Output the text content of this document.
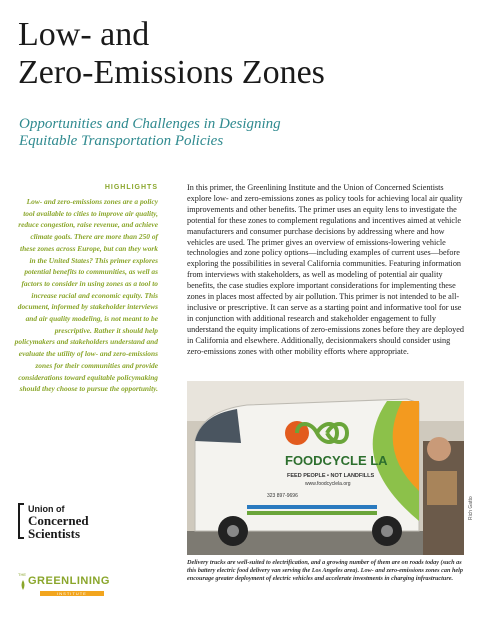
Low- and
Zero-Emissions Zones
Opportunities and Challenges in Designing
Equitable Transportation Policies
HIGHLIGHTS

Low- and zero-emissions zones are a policy tool available to cities to improve air quality, reduce congestion, raise revenue, and achieve climate goals. There are more than 250 of these zones across Europe, but can they work in the United States? This primer explores potential benefits to communities, as well as factors to consider in using zones as a tool to increase racial and economic equity. This document, informed by stakeholder interviews and air quality modeling, is not meant to be prescriptive. Rather it should help policymakers and stakeholders understand and evaluate the utility of low- and zero-emissions zones for their communities and provide considerations toward equitable policymaking should they choose to pursue the opportunity.

In this primer, the Greenlining Institute and the Union of Concerned Scientists explore low- and zero-emissions zones as policy tools for achieving local air quality improvements and other benefits. The primer uses an equity lens to investigate the potential for these zones to complement regulations and incentives aimed at vehicle manufacturers and consumer purchase decisions by addressing where and how vehicles are used. The primer gives an overview of emissions-lowering vehicle technologies and zone policy options—including examples of current uses—before exploring the possibilities in several California communities. Featuring information from interviews with stakeholders, as well as modeling of potential air quality benefits, the case studies explore important considerations for implementing these zones in places most affected by air pollution. This primer is not intended to be all-inclusive or prescriptive. It can serve as a starting point and informative tool for use in conjunction with additional research and stakeholder engagement to fully understand the equity implications of zero-emissions zones before they are deployed in California and elsewhere. Additionally, decisionmakers should consider using zero-emissions zones with other mobility efforts where appropriate.

FOODCYCLE LA
FEED PEOPLE • NOT LANDFILLS
www.foodcyclela.org
323 897-9696
Rich Gatto

Delivery trucks are well-suited to electrification, and a growing number of them are on roads today (such as this battery electric food delivery van serving the Los Angeles area). Low- and zero-emissions zones can help encourage greater deployment of electric vehicles and accelerate investments in charging infrastructure.

Union of
Concerned
Scientists
THE
GREENLINING
INSTITUTE
